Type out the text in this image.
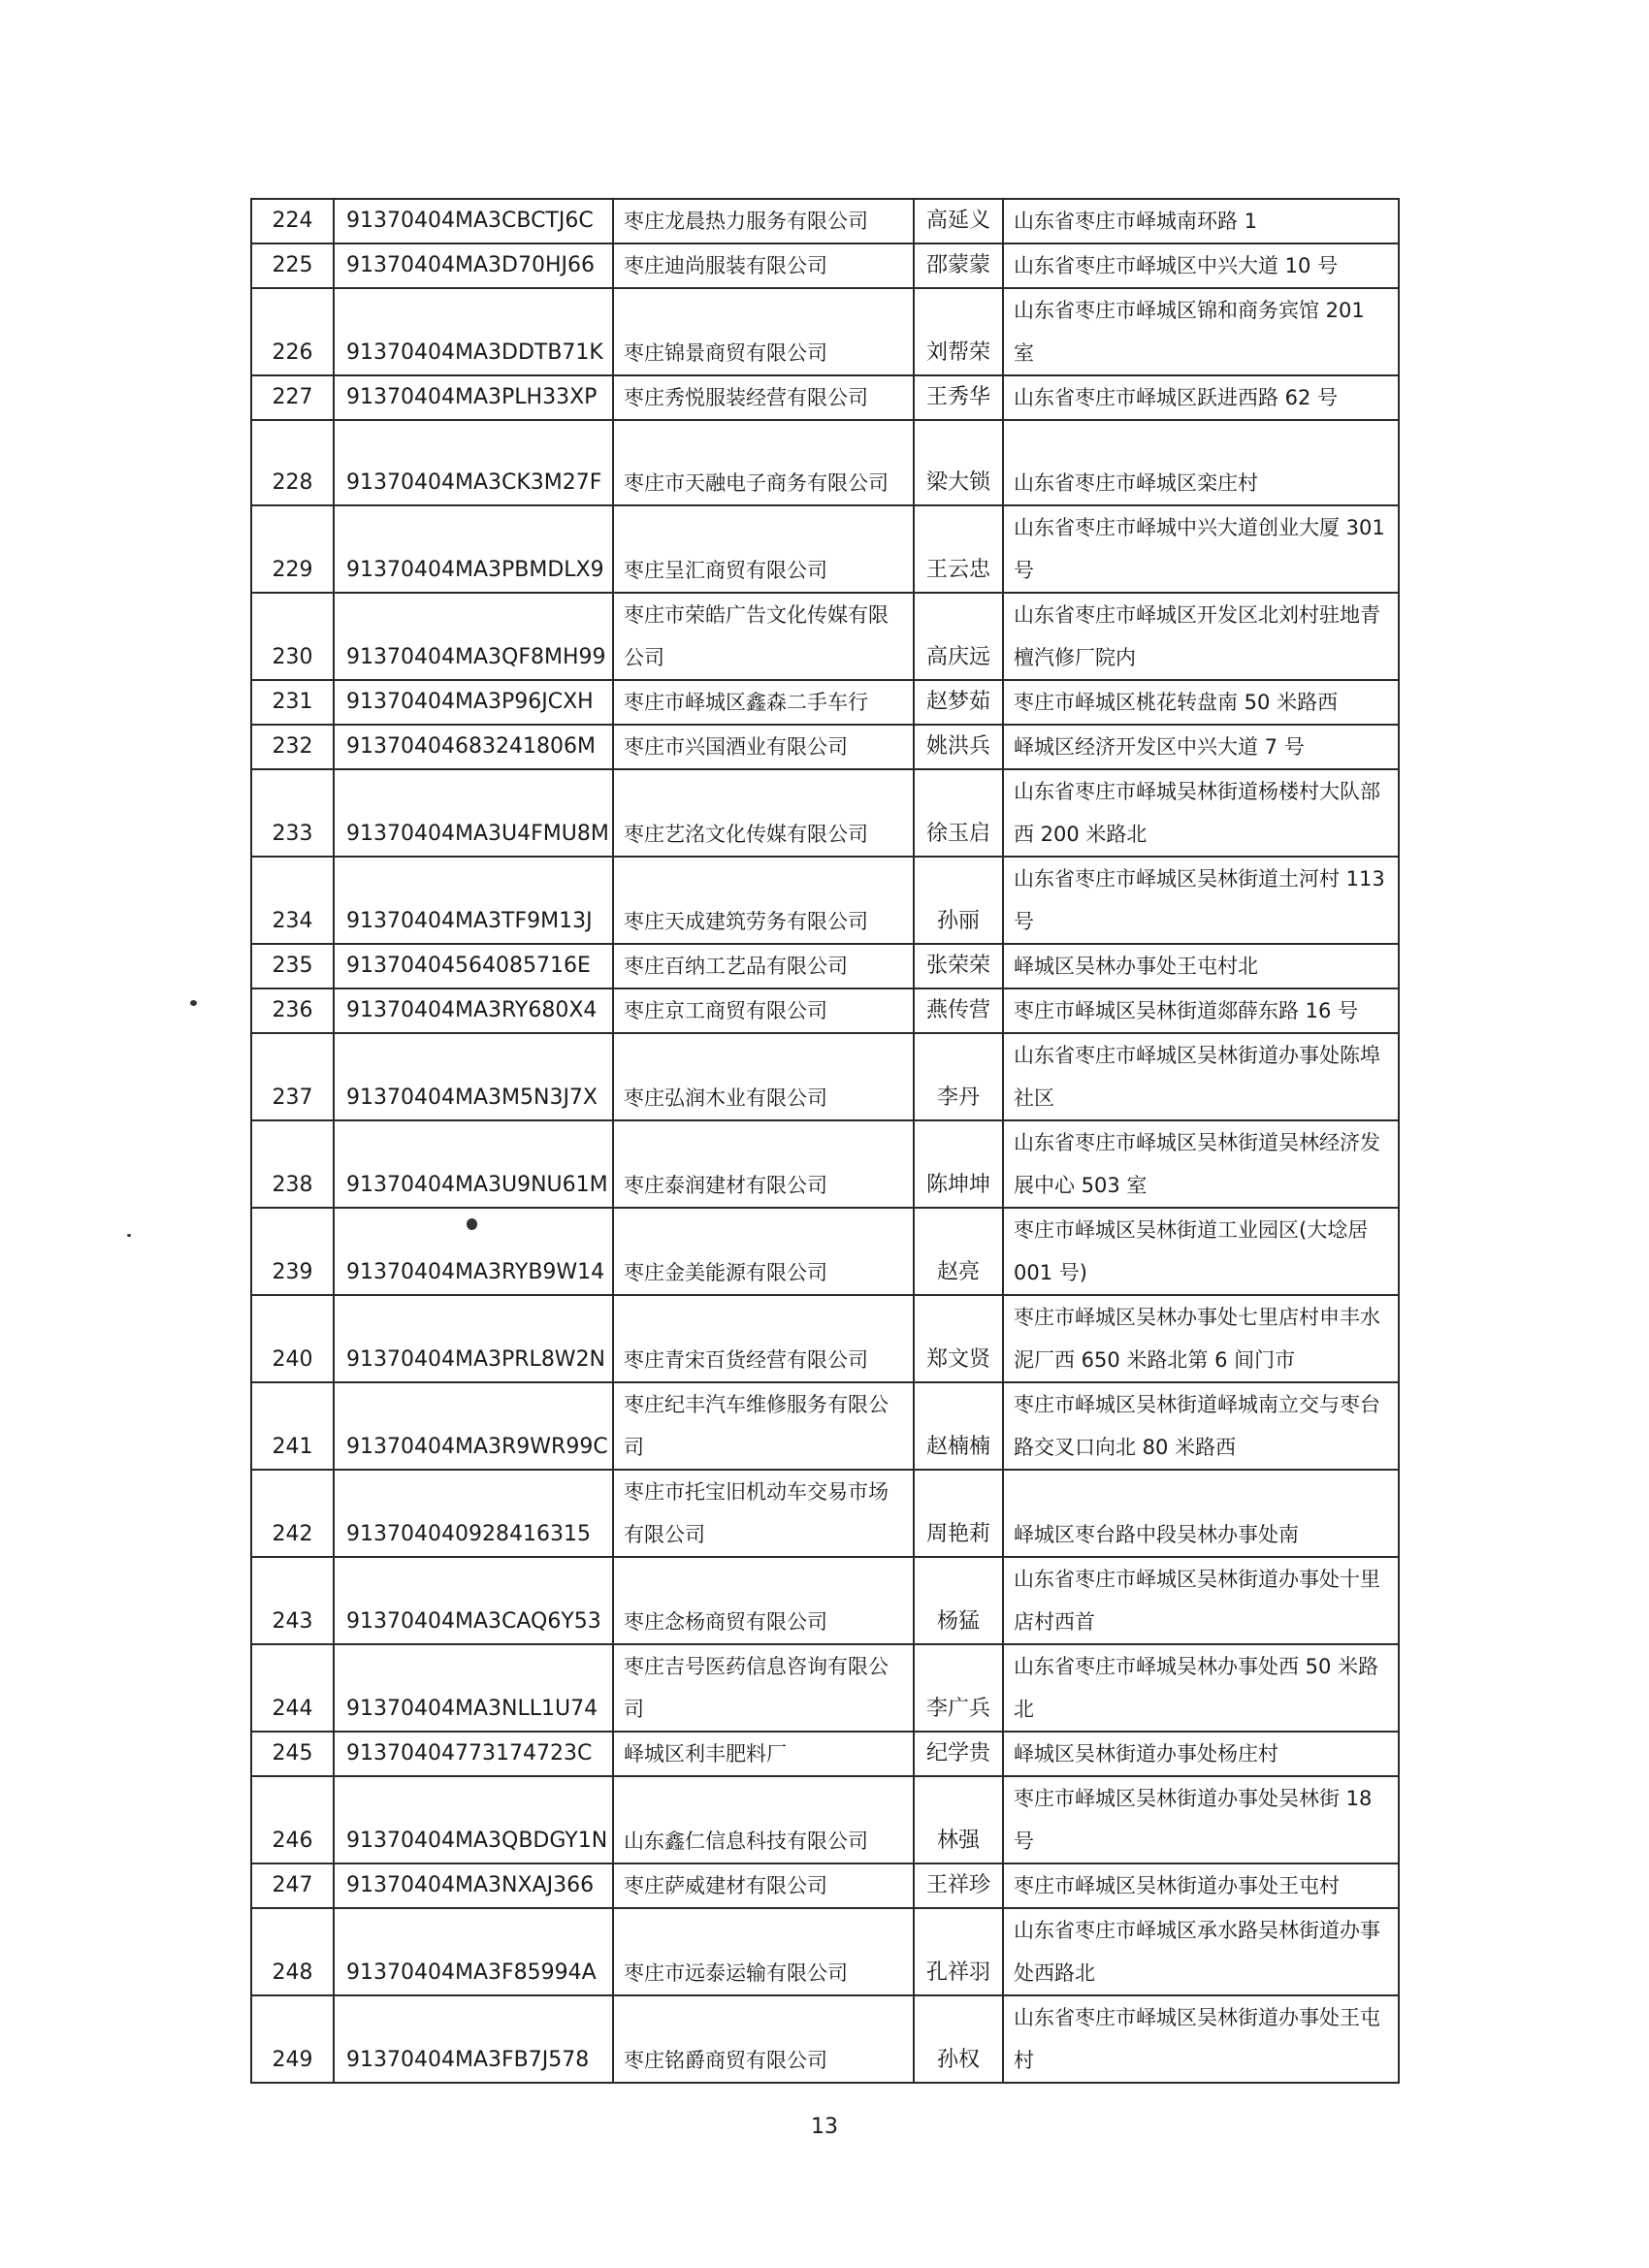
224	91370404MA3CBCTJ6C	枣庄龙晨热力服务有限公司	高延义	山东省枣庄市峄城南环路 1
225	91370404MA3D70HJ66	枣庄迪尚服装有限公司	邵蒙蒙	山东省枣庄市峄城区中兴大道 10 号
226	91370404MA3DDTB71K	枣庄锦景商贸有限公司	刘帮荣	山东省枣庄市峄城区锦和商务宾馆 201 室
227	91370404MA3PLH33XP	枣庄秀悦服装经营有限公司	王秀华	山东省枣庄市峄城区跃进西路 62 号
228	91370404MA3CK3M27F	枣庄市天融电子商务有限公司	梁大锁	山东省枣庄市峄城区栾庄村
229	91370404MA3PBMDLX9	枣庄呈汇商贸有限公司	王云忠	山东省枣庄市峄城中兴大道创业大厦 301 号
230	91370404MA3QF8MH99	枣庄市荣皓广告文化传媒有限公司	高庆远	山东省枣庄市峄城区开发区北刘村驻地青檀汽修厂院内
231	91370404MA3P96JCXH	枣庄市峄城区鑫森二手车行	赵梦茹	枣庄市峄城区桃花转盘南 50 米路西
232	91370404683241806M	枣庄市兴国酒业有限公司	姚洪兵	峄城区经济开发区中兴大道 7 号
233	91370404MA3U4FMU8M	枣庄艺洺文化传媒有限公司	徐玉启	山东省枣庄市峄城吴林街道杨楼村大队部西 200 米路北
234	91370404MA3TF9M13J	枣庄天成建筑劳务有限公司	孙丽	山东省枣庄市峄城区吴林街道土河村 113 号
235	91370404564085716E	枣庄百纳工艺品有限公司	张荣荣	峄城区吴林办事处王屯村北
236	91370404MA3RY680X4	枣庄京工商贸有限公司	燕传营	枣庄市峄城区吴林街道郯薛东路 16 号
237	91370404MA3M5N3J7X	枣庄弘润木业有限公司	李丹	山东省枣庄市峄城区吴林街道办事处陈埠社区
238	91370404MA3U9NU61M	枣庄泰润建材有限公司	陈坤坤	山东省枣庄市峄城区吴林街道吴林经济发展中心 503 室
239	91370404MA3RYB9W14	枣庄金美能源有限公司	赵亮	枣庄市峄城区吴林街道工业园区(大埝居 001 号)
240	91370404MA3PRL8W2N	枣庄青宋百货经营有限公司	郑文贤	枣庄市峄城区吴林办事处七里店村申丰水泥厂西 650 米路北第 6 间门市
241	91370404MA3R9WR99C	枣庄纪丰汽车维修服务有限公司	赵楠楠	枣庄市峄城区吴林街道峄城南立交与枣台路交叉口向北 80 米路西
242	913704040928416315	枣庄市托宝旧机动车交易市场有限公司	周艳莉	峄城区枣台路中段吴林办事处南
243	91370404MA3CAQ6Y53	枣庄念杨商贸有限公司	杨猛	山东省枣庄市峄城区吴林街道办事处十里店村西首
244	91370404MA3NLL1U74	枣庄吉号医药信息咨询有限公司	李广兵	山东省枣庄市峄城吴林办事处西 50 米路北
245	91370404773174723C	峄城区利丰肥料厂	纪学贵	峄城区吴林街道办事处杨庄村
246	91370404MA3QBDGY1N	山东鑫仁信息科技有限公司	林强	枣庄市峄城区吴林街道办事处吴林街 18 号
247	91370404MA3NXAJ366	枣庄萨威建材有限公司	王祥珍	枣庄市峄城区吴林街道办事处王屯村
248	91370404MA3F85994A	枣庄市远泰运输有限公司	孔祥羽	山东省枣庄市峄城区承水路吴林街道办事处西路北
249	91370404MA3FB7J578	枣庄铭爵商贸有限公司	孙权	山东省枣庄市峄城区吴林街道办事处王屯村
13
